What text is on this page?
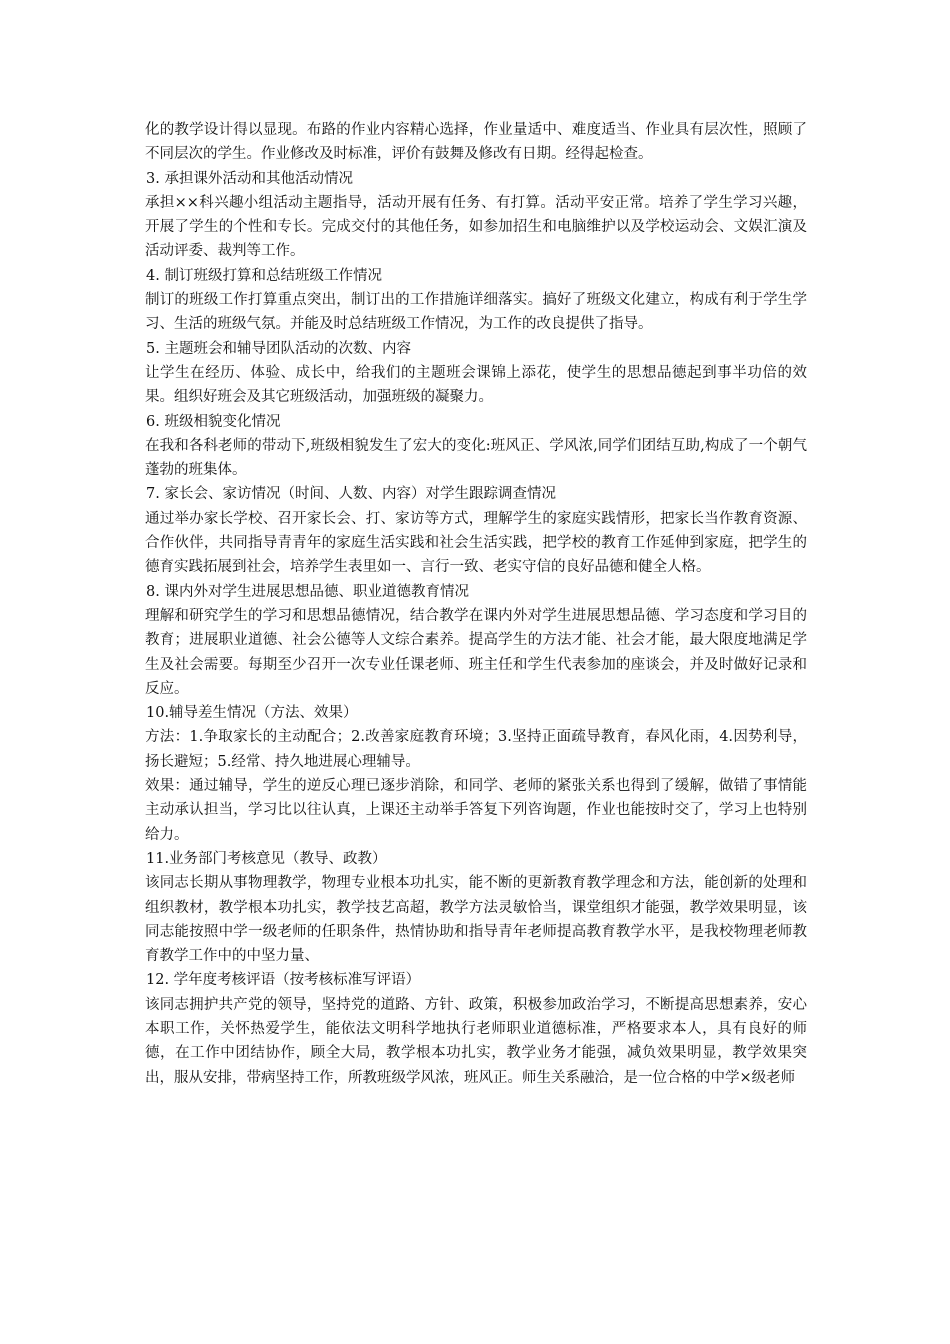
化的教学设计得以显现。布路的作业内容精心选择，作业量适中、难度适当、作业具有层次性，照顾了不同层次的学生。作业修改及时标准，评价有鼓舞及修改有日期。经得起检查。

3. 承担课外活动和其他活动情况

承担××科兴趣小组活动主题指导，活动开展有任务、有打算。活动平安正常。培养了学生学习兴趣，开展了学生的个性和专长。完成交付的其他任务，如参加招生和电脑维护以及学校运动会、文娱汇演及活动评委、裁判等工作。

4. 制订班级打算和总结班级工作情况

制订的班级工作打算重点突出，制订出的工作措施详细落实。搞好了班级文化建立，构成有利于学生学习、生活的班级气氛。并能及时总结班级工作情况，为工作的改良提供了指导。

5. 主题班会和辅导团队活动的次数、内容

让学生在经历、体验、成长中，给我们的主题班会课锦上添花，使学生的思想品德起到事半功倍的效果。组织好班会及其它班级活动，加强班级的凝聚力。

6. 班级相貌变化情况

在我和各科老师的带动下,班级相貌发生了宏大的变化:班风正、学风浓,同学们团结互助,构成了一个朝气蓬勃的班集体。

7. 家长会、家访情况（时间、人数、内容）对学生跟踪调查情况

通过举办家长学校、召开家长会、打、家访等方式，理解学生的家庭实践情形，把家长当作教育资源、合作伙伴，共同指导青青年的家庭生活实践和社会生活实践，把学校的教育工作延伸到家庭，把学生的德育实践拓展到社会，培养学生表里如一、言行一致、老实守信的良好品德和健全人格。

8. 课内外对学生进展思想品德、职业道德教育情况

理解和研究学生的学习和思想品德情况，结合教学在课内外对学生进展思想品德、学习态度和学习目的教育；进展职业道德、社会公德等人文综合素养。提高学生的方法才能、社会才能，最大限度地满足学生及社会需要。每期至少召开一次专业任课老师、班主任和学生代表参加的座谈会，并及时做好记录和反应。

10.辅导差生情况（方法、效果）

方法：1.争取家长的主动配合；2.改善家庭教育环境；3.坚持正面疏导教育，春风化雨，4.因势利导，扬长避短；5.经常、持久地进展心理辅导。

效果：通过辅导，学生的逆反心理已逐步消除，和同学、老师的紧张关系也得到了缓解，做错了事情能主动承认担当，学习比以往认真，上课还主动举手答复下列咨询题，作业也能按时交了，学习上也特别给力。

11.业务部门考核意见（教导、政教）

该同志长期从事物理教学，物理专业根本功扎实，能不断的更新教育教学理念和方法，能创新的处理和组织教材，教学根本功扎实，教学技艺高超，教学方法灵敏恰当，课堂组织才能强，教学效果明显，该同志能按照中学一级老师的任职条件，热情协助和指导青年老师提高教育教学水平，是我校物理老师教育教学工作中的中坚力量、

12. 学年度考核评语（按考核标准写评语）

该同志拥护共产党的领导，坚持党的道路、方针、政策，积极参加政治学习，不断提高思想素养，安心本职工作，关怀热爱学生，能依法文明科学地执行老师职业道德标准，严格要求本人，具有良好的师德，在工作中团结协作，顾全大局，教学根本功扎实，教学业务才能强，减负效果明显，教学效果突出，服从安排，带病坚持工作，所教班级学风浓，班风正。师生关系融洽，是一位合格的中学×级老师
